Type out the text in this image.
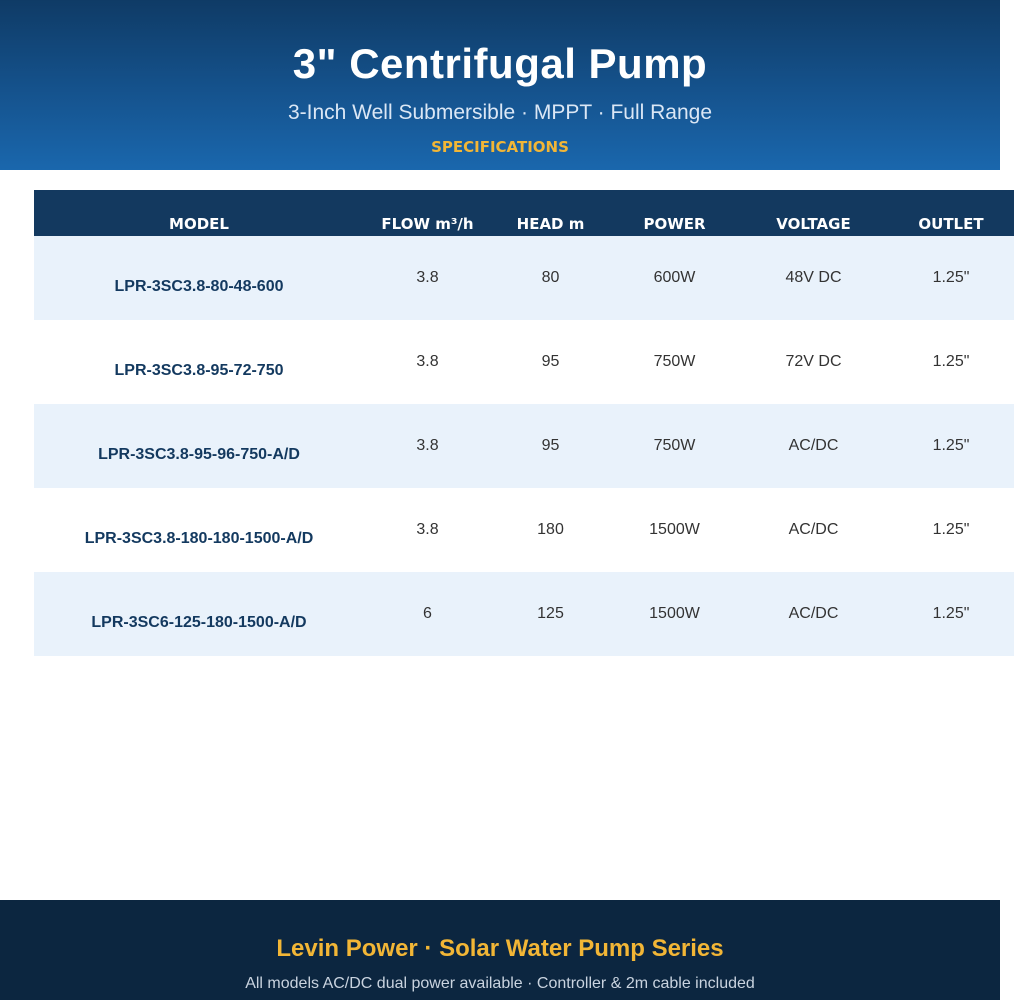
3" Centrifugal Pump
3-Inch Well Submersible · MPPT · Full Range
SPECIFICATIONS
MODEL	FLOW m³/h	HEAD m	POWER	VOLTAGE	OUTLET

LPR-3SC3.8-80-48-600	3.8	80	600W	48V DC	1.25"
LPR-3SC3.8-95-72-750	3.8	95	750W	72V DC	1.25"
LPR-3SC3.8-95-96-750-A/D	3.8	95	750W	AC/DC	1.25"
LPR-3SC3.8-180-180-1500-A/D	3.8	180	1500W	AC/DC	1.25"
LPR-3SC6-125-180-1500-A/D	6	125	1500W	AC/DC	1.25"
Levin Power · Solar Water Pump Series
All models AC/DC dual power available · Controller & 2m cable included
